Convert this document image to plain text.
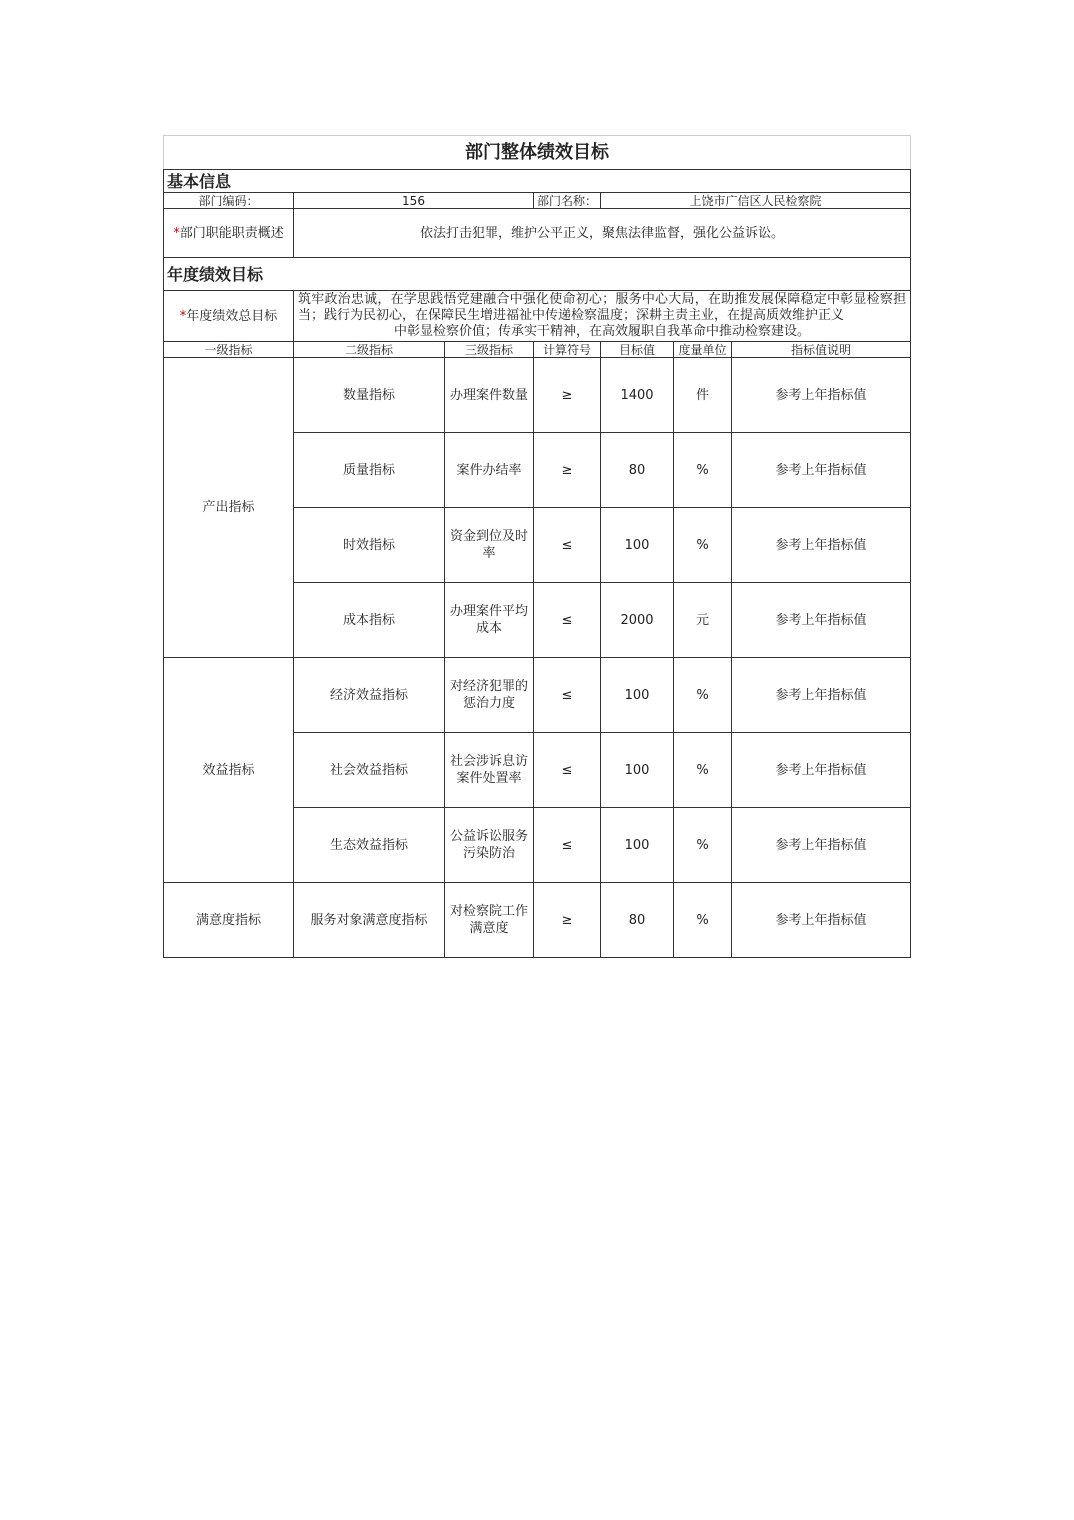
部门整体绩效目标						
基本信息						
部门编码：	156		部门名称：	上饶市广信区人民检察院		
*部门职能职责概述	依法打击犯罪，维护公平正义，聚焦法律监督，强化公益诉讼。					
年度绩效目标						
*年度绩效总目标	筑牢政治忠诚，在学思践悟党建融合中强化使命初心；服务中心大局，在助推发展保障稳定中彰显检察担当；践行为民初心，在保障民生增进福祉中传递检察温度；深耕主责主业，在提高质效维护正义
中彰显检察价值；传承实干精神，在高效履职自我革命中推动检察建设。					

一级指标	二级指标	三级指标	计算符号	目标值	度量单位	指标值说明
产出指标	数量指标	办理案件数量	≥	1400	件	参考上年指标值
	质量指标	案件办结率	≥	80	%	参考上年指标值
	时效指标	资金到位及时率	≤	100	%	参考上年指标值
	成本指标	办理案件平均成本	≤	2000	元	参考上年指标值
效益指标	经济效益指标	对经济犯罪的惩治力度	≤	100	%	参考上年指标值
	社会效益指标	社会涉诉息访案件处置率	≤	100	%	参考上年指标值
	生态效益指标	公益诉讼服务污染防治	≤	100	%	参考上年指标值
满意度指标	服务对象满意度指标	对检察院工作满意度	≥	80	%	参考上年指标值
